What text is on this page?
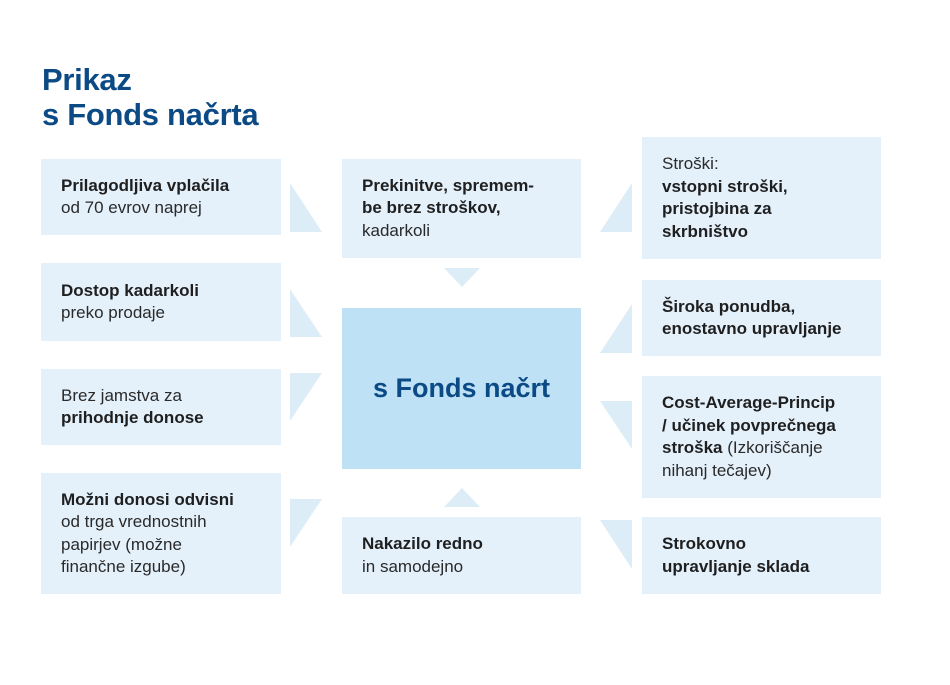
Prikaz
s Fonds načrta
Prilagodljiva vplačila
od 70 evrov naprej
Dostop kadarkoli
preko prodaje
Brez jamstva za
prihodnje donose
Možni donosi odvisni
od trga vrednostnih
papirjev (možne
finančne izgube)
Prekinitve, spremem-
be brez stroškov,
kadarkoli
s Fonds načrt
Nakazilo redno
in samodejno
Stroški:
vstopni stroški,
pristojbina za
skrbništvo
Široka ponudba,
enostavno upravljanje
Cost-Average-Princip
/ učinek povprečnega
stroška (Izkoriščanje
nihanj tečajev)
Strokovno
upravljanje sklada
